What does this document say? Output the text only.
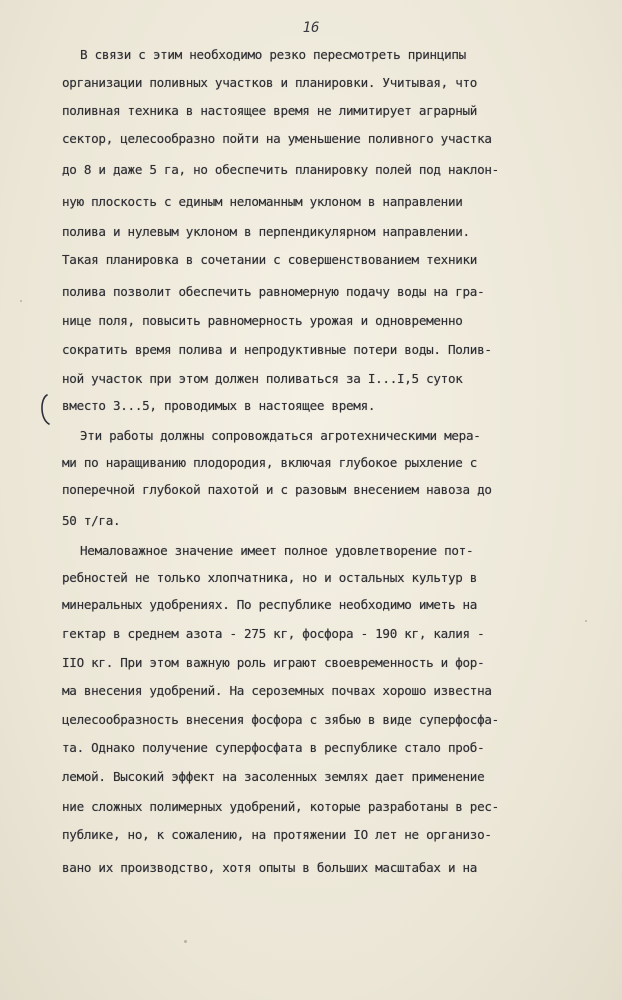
16
В связи с этим необходимо резко пересмотреть принципы
организации поливных участков и планировки. Учитывая, что
поливная техника в настоящее время не лимитирует аграрный
сектор, целесообразно пойти на уменьшение поливного участка
до 8 и даже 5 га, но обеспечить планировку полей под наклон-
ную плоскость с единым неломанным уклоном в направлении
полива и нулевым уклоном в перпендикулярном направлении.
Такая планировка в сочетании с совершенствованием техники
полива позволит обеспечить равномерную подачу воды на гра-
нице поля, повысить равномерность урожая и одновременно
сократить время полива и непродуктивные потери воды. Полив-
ной участок при этом должен поливаться за I...I,5 суток
вместо 3...5, проводимых в настоящее время.
Эти работы должны сопровождаться агротехническими мера-
ми по наращиванию плодородия, включая глубокое рыхление с
поперечной глубокой пахотой и с разовым внесением навоза до
50 т/га.
Немаловажное значение имеет полное удовлетворение пот-
ребностей не только хлопчатника, но и остальных культур в
минеральных удобрениях. По республике необходимо иметь на
гектар в среднем азота - 275 кг, фосфора - 190 кг, калия -
IIO кг. При этом важную роль играют своевременность и фор-
ма внесения удобрений. На сероземных почвах хорошо известна
целесообразность внесения фосфора с зябью в виде суперфосфа-
та. Однако получение суперфосфата в республике стало проб-
лемой. Высокий эффект на засоленных землях дает применение
ние сложных полимерных удобрений, которые разработаны в рес-
публике, но, к сожалению, на протяжении IO лет не организо-
вано их производство, хотя опыты в больших масштабах и на
